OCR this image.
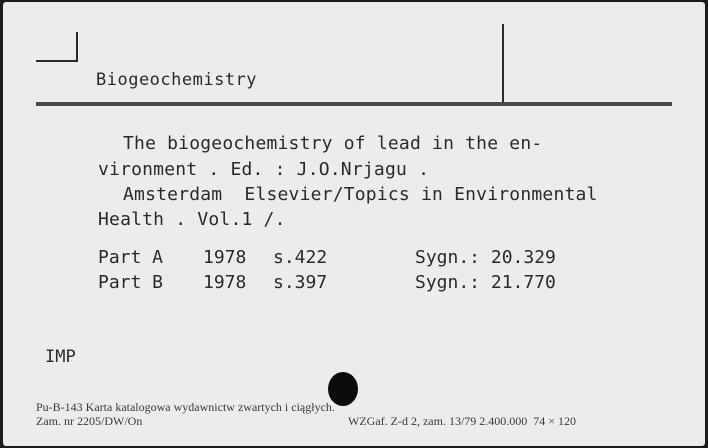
Biogeochemistry
The biogeochemistry of lead in the en-
vironment . Ed. : J.O.Nrjagu .
Amsterdam  Elsevier/Topics in Environmental
Health . Vol.1 /.
Part A 1978 s.422	Sygn.: 20.329
Part B 1978 s.397	Sygn.: 21.770
IMP
Pu-B-143 Karta katalogowa wydawnictw zwartych i ciągłych.
Zam. nr 2205/DW/On	WZGaf. Z-d 2, zam. 13/79 2.400.000  74 × 120
